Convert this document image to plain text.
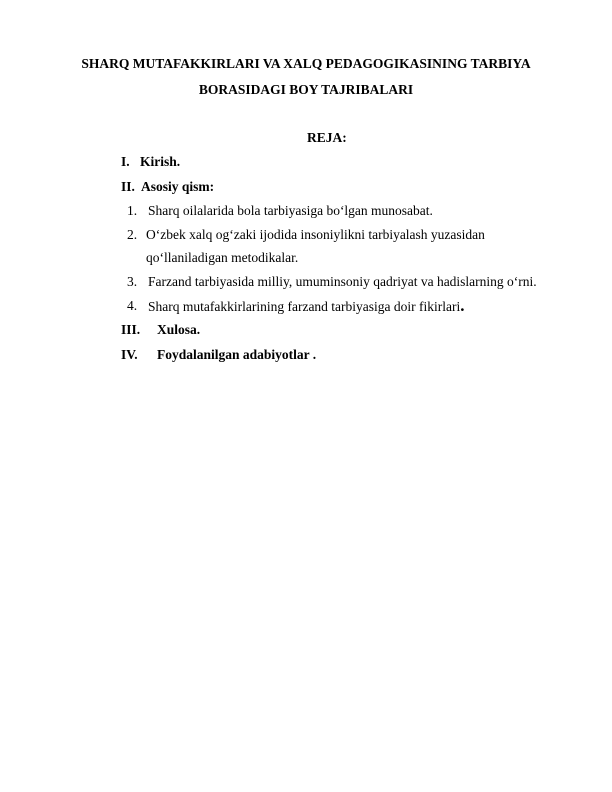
SHARQ MUTAFAKKIRLARI VA XALQ PEDAGOGIKASINING TARBIYA
BORASIDAGI BOY TAJRIBALARI
REJA:
I. Kirish.
II. Asosiy qism:
1. Sharq oilalarida bola tarbiyasiga bo‘lgan munosabat.
2. O‘zbek xalq og‘zaki ijodida insoniylikni tarbiyalash yuzasidan
qo‘llaniladigan metodikalar.
3. Farzand tarbiyasida milliy, umuminsoniy qadriyat va hadislarning o‘rni.
4. Sharq mutafakkirlarining farzand tarbiyasiga doir fikirlari.
III. Xulosa.
IV. Foydalanilgan adabiyotlar .
